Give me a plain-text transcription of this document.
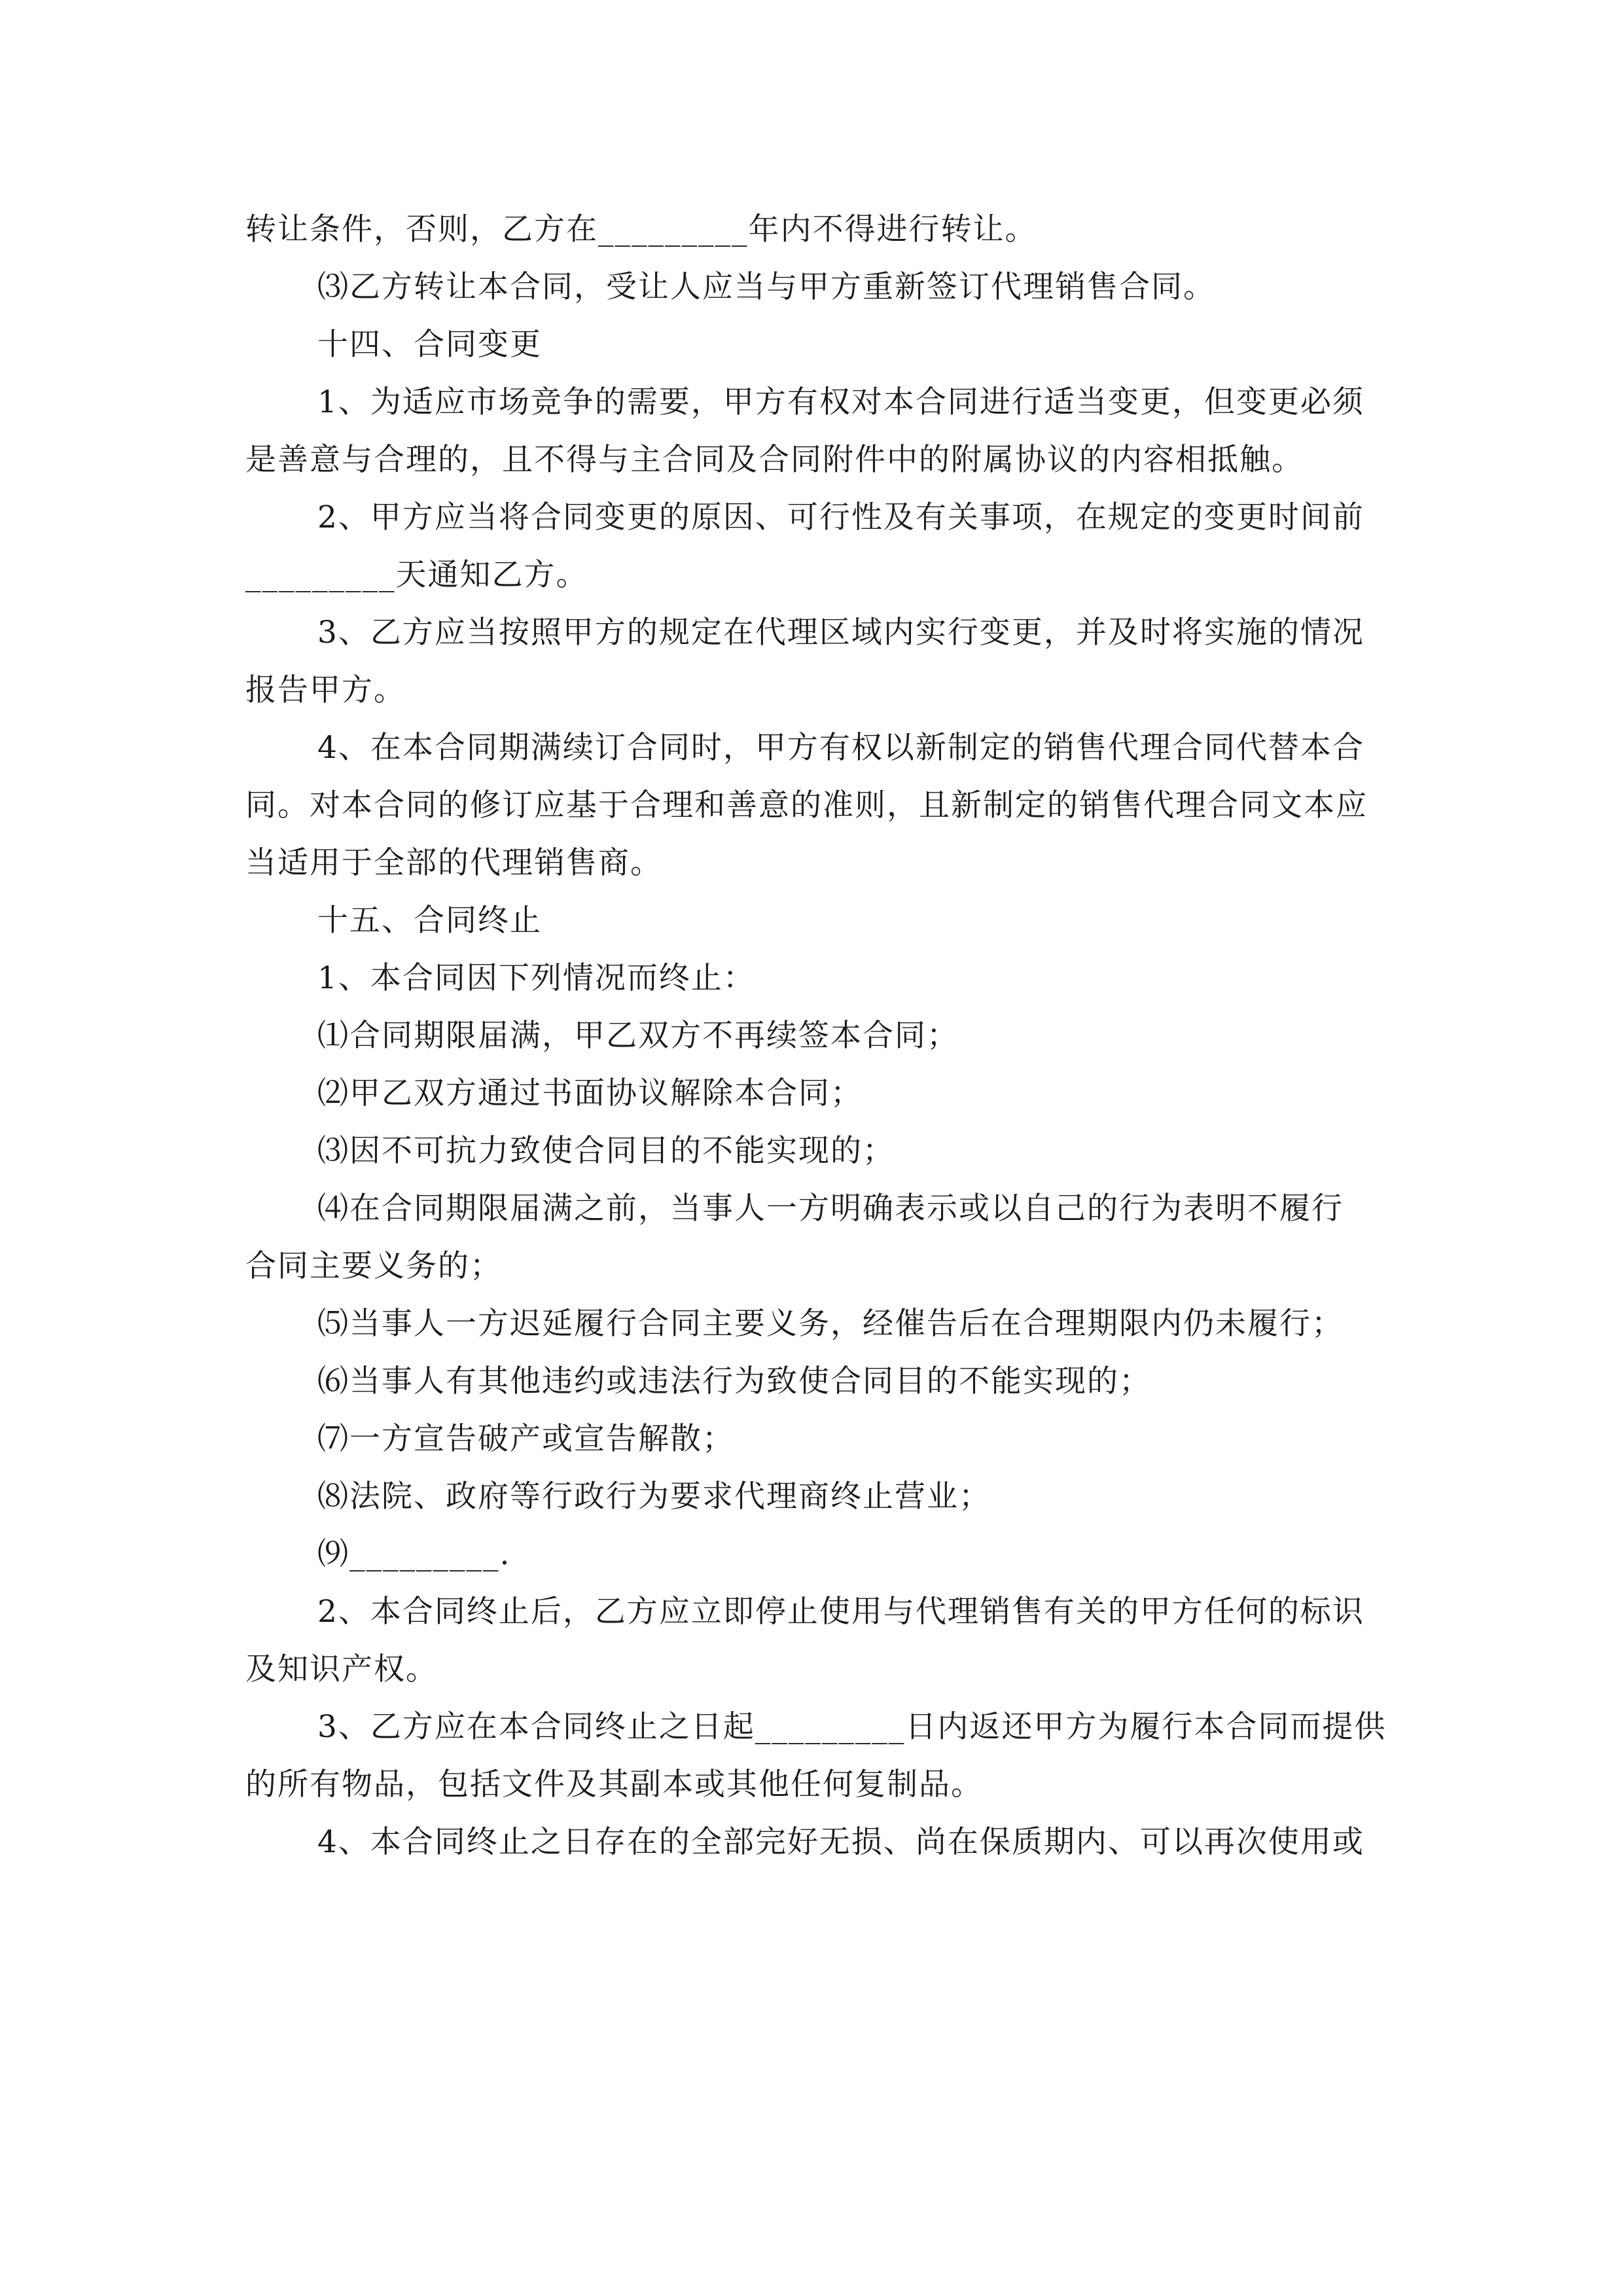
转让条件，否则，乙方在_________年内不得进行转让。
⑶乙方转让本合同，受让人应当与甲方重新签订代理销售合同。
十四、合同变更
1、为适应市场竞争的需要，甲方有权对本合同进行适当变更，但变更必须
是善意与合理的，且不得与主合同及合同附件中的附属协议的内容相抵触。
2、甲方应当将合同变更的原因、可行性及有关事项，在规定的变更时间前
_________天通知乙方。
3、乙方应当按照甲方的规定在代理区域内实行变更，并及时将实施的情况
报告甲方。
4、在本合同期满续订合同时，甲方有权以新制定的销售代理合同代替本合
同。对本合同的修订应基于合理和善意的准则，且新制定的销售代理合同文本应
当适用于全部的代理销售商。
十五、合同终止
1、本合同因下列情况而终止：
⑴合同期限届满，甲乙双方不再续签本合同；
⑵甲乙双方通过书面协议解除本合同；
⑶因不可抗力致使合同目的不能实现的；
⑷在合同期限届满之前，当事人一方明确表示或以自己的行为表明不履行
合同主要义务的；
⑸当事人一方迟延履行合同主要义务，经催告后在合理期限内仍未履行；
⑹当事人有其他违约或违法行为致使合同目的不能实现的；
⑺一方宣告破产或宣告解散；
⑻法院、政府等行政行为要求代理商终止营业；
⑼_________.
2、本合同终止后，乙方应立即停止使用与代理销售有关的甲方任何的标识
及知识产权。
3、乙方应在本合同终止之日起_________日内返还甲方为履行本合同而提供
的所有物品，包括文件及其副本或其他任何复制品。
4、本合同终止之日存在的全部完好无损、尚在保质期内、可以再次使用或
